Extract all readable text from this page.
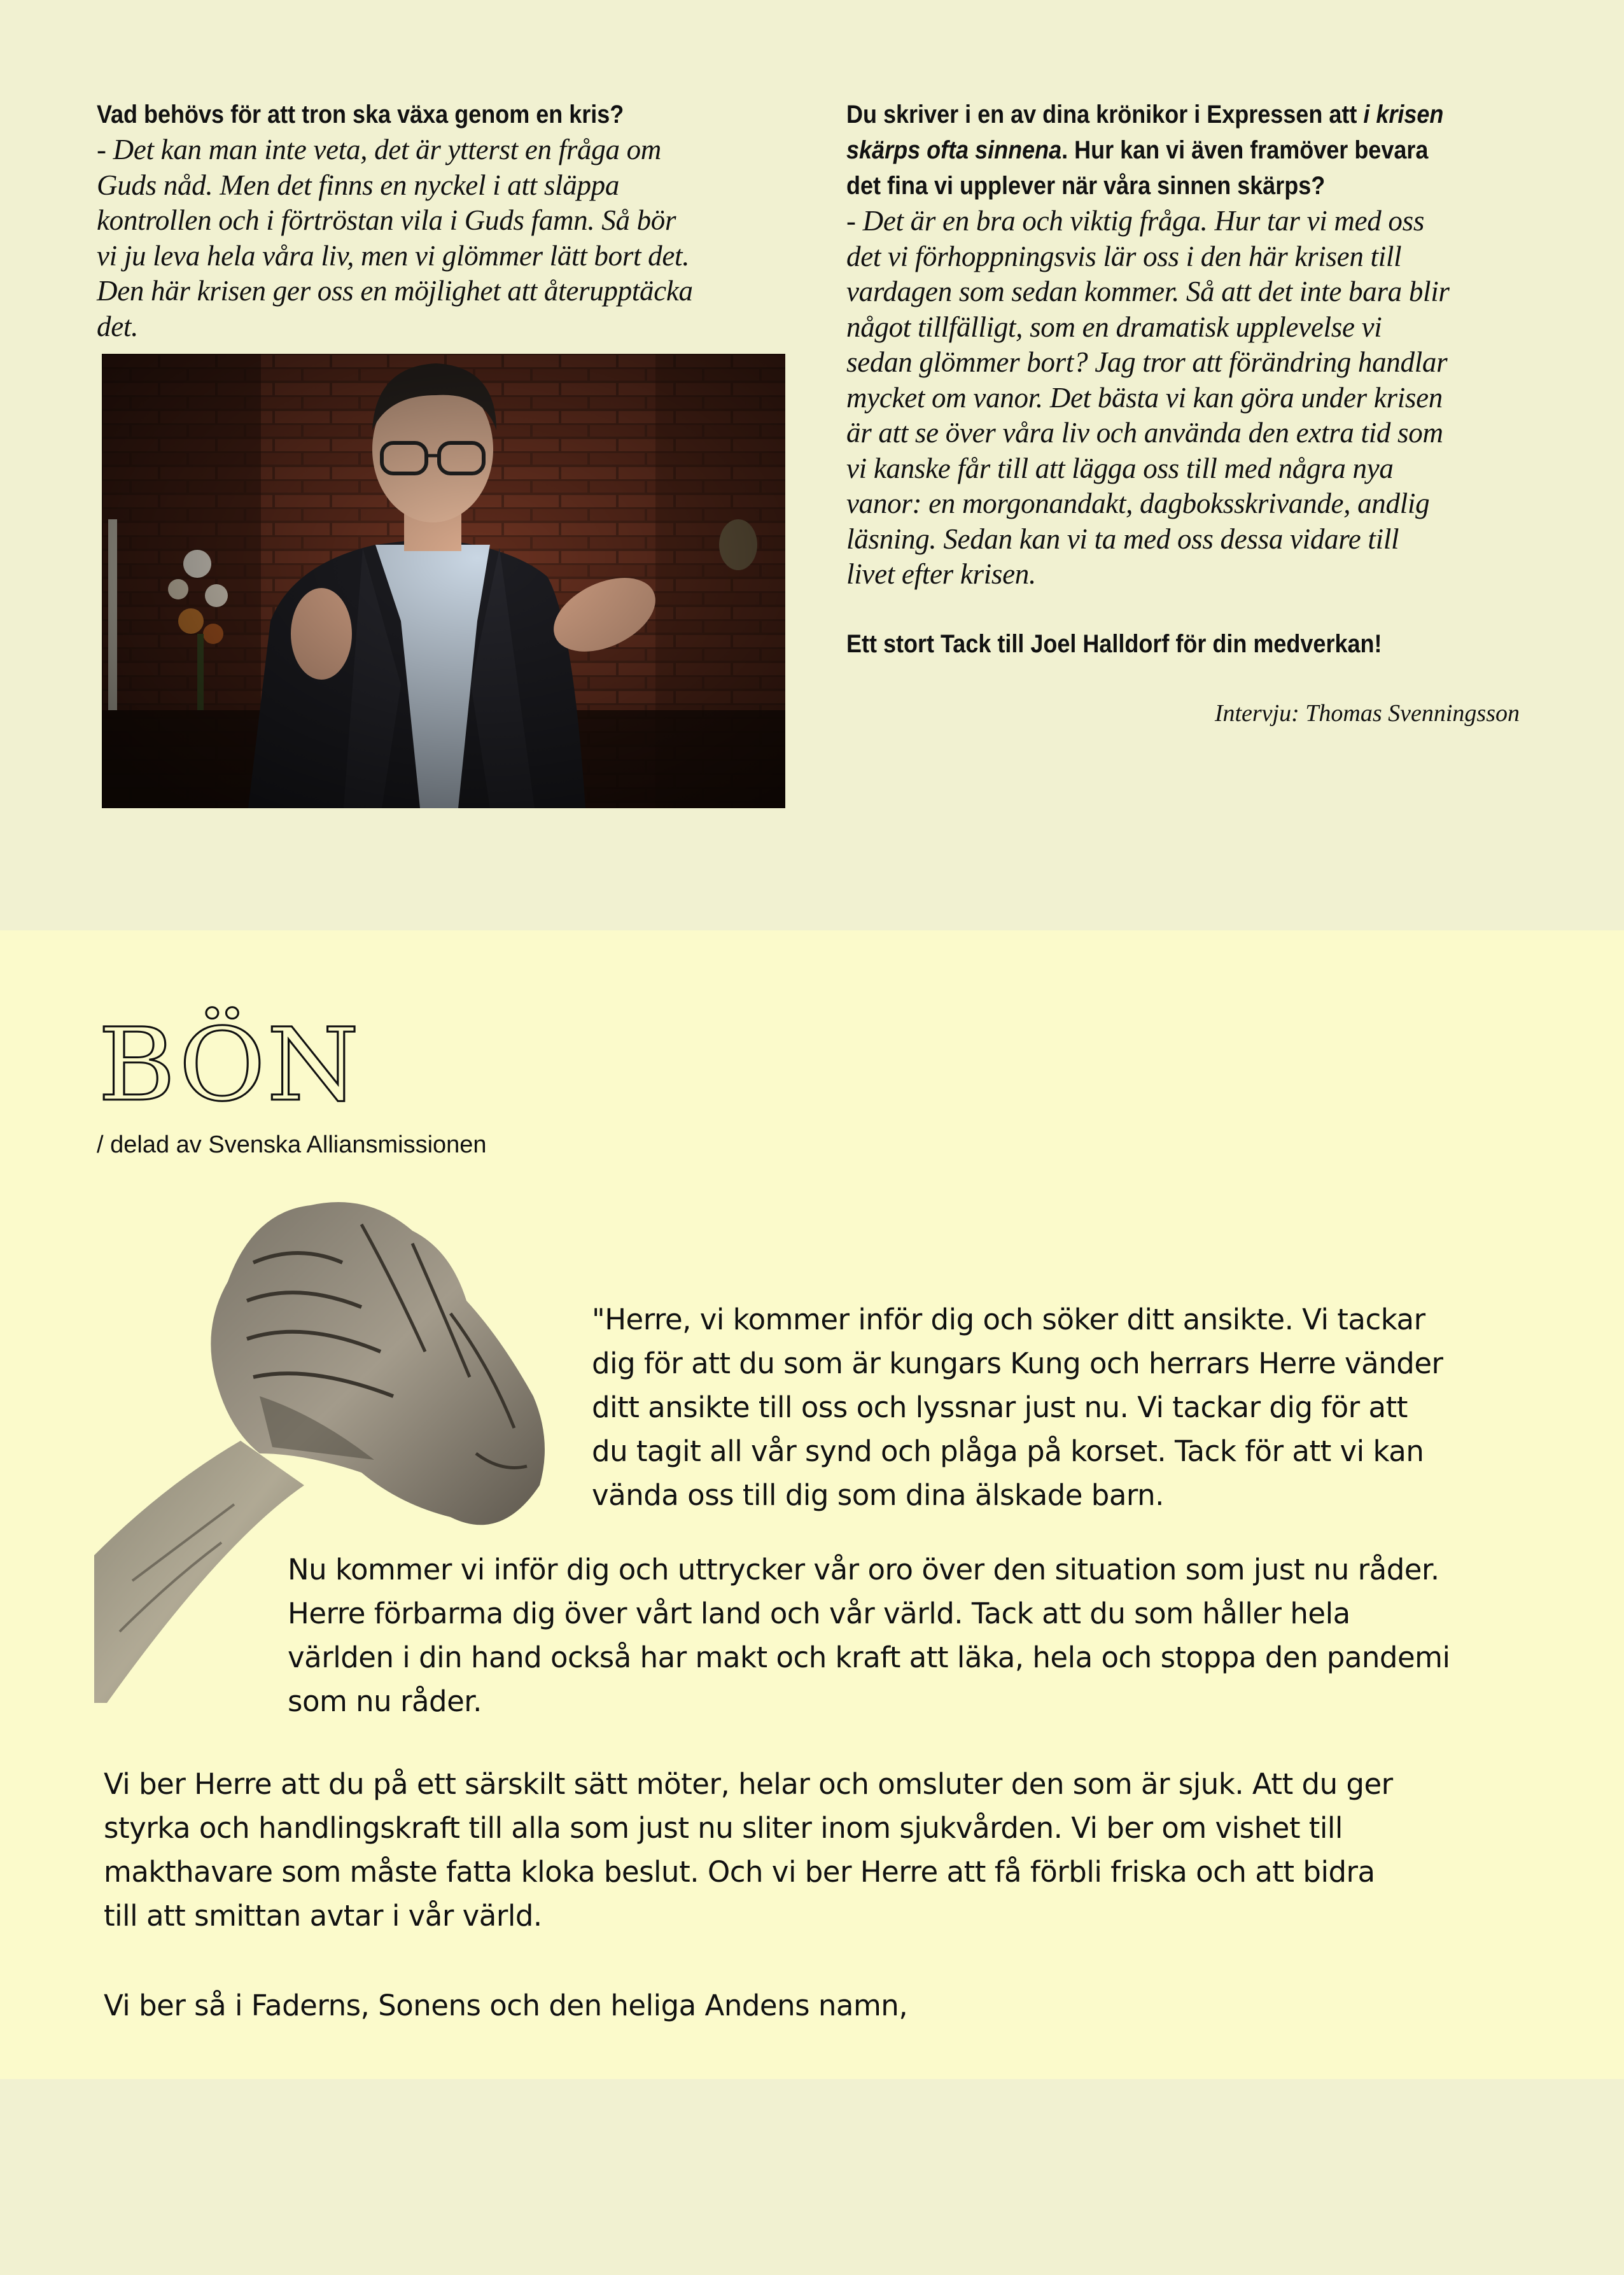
Vad behövs för att tron ska växa genom en kris?

- Det kan man inte veta, det är ytterst en fråga om
Guds nåd. Men det finns en nyckel i att släppa
kontrollen och i förtröstan vila i Guds famn. Så bör
vi ju leva hela våra liv, men vi glömmer lätt bort det.
Den här krisen ger oss en möjlighet att återupptäcka
det.

Du skriver i en av dina krönikor i Expressen att i krisen
skärps ofta sinnena. Hur kan vi även framöver bevara
det fina vi upplever när våra sinnen skärps?

- Det är en bra och viktig fråga. Hur tar vi med oss
det vi förhoppningsvis lär oss i den här krisen till
vardagen som sedan kommer. Så att det inte bara blir
något tillfälligt, som en dramatisk upplevelse vi
sedan glömmer bort? Jag tror att förändring handlar
mycket om vanor. Det bästa vi kan göra under krisen
är att se över våra liv och använda den extra tid som
vi kanske får till att lägga oss till med några nya
vanor: en morgonandakt, dagboksskrivande, andlig
läsning. Sedan kan vi ta med oss dessa vidare till
livet efter krisen.

Ett stort Tack till Joel Halldorf för din medverkan!
Intervju: Thomas Svenningsson
BÖN
/ delad av Svenska Alliansmissionen

"Herre, vi kommer inför dig och söker ditt ansikte. Vi tackar
dig för att du som är kungars Kung och herrars Herre vänder
ditt ansikte till oss och lyssnar just nu. Vi tackar dig för att
du tagit all vår synd och plåga på korset. Tack för att vi kan
vända oss till dig som dina älskade barn.

Nu kommer vi inför dig och uttrycker vår oro över den situation som just nu råder.
Herre förbarma dig över vårt land och vår värld. Tack att du som håller hela
världen i din hand också har makt och kraft att läka, hela och stoppa den pandemi
som nu råder.

Vi ber Herre att du på ett särskilt sätt möter, helar och omsluter den som är sjuk. Att du ger
styrka och handlingskraft till alla som just nu sliter inom sjukvården. Vi ber om vishet till
makthavare som måste fatta kloka beslut. Och vi ber Herre att få förbli friska och att bidra
till att smittan avtar i vår värld.

Vi ber så i Faderns, Sonens och den heliga Andens namn,
